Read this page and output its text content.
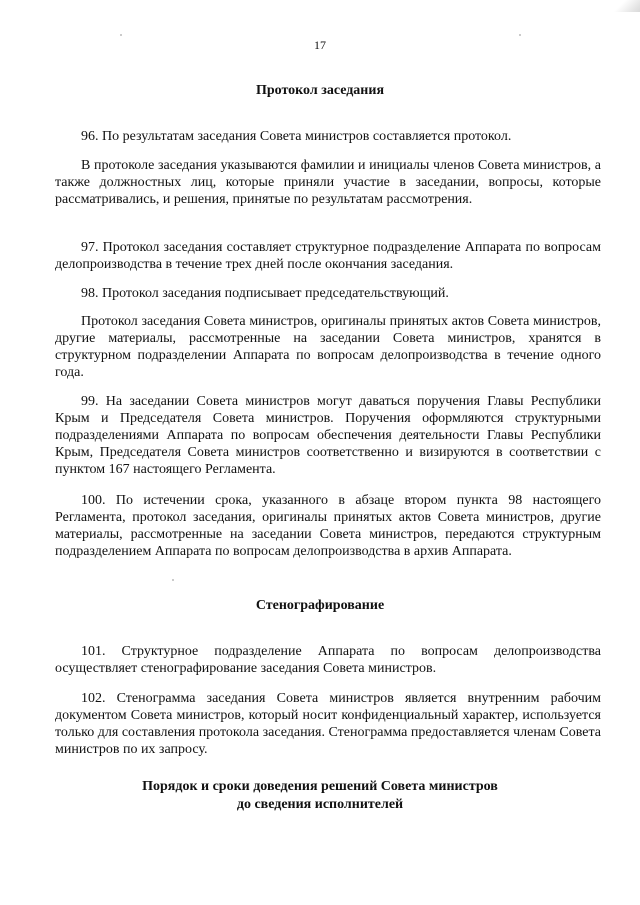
17
Протокол заседания

96. По результатам заседания Совета министров составляется протокол.

В протоколе заседания указываются фамилии и инициалы членов Совета министров, а также должностных лиц, которые приняли участие в заседании, вопросы, которые рассматривались, и решения, принятые по результатам рассмотрения.

97. Протокол заседания составляет структурное подразделение Аппарата по вопросам делопроизводства в течение трех дней после окончания заседания.

98. Протокол заседания подписывает председательствующий.

Протокол заседания Совета министров, оригиналы принятых актов Совета министров, другие материалы, рассмотренные на заседании Совета министров, хранятся в структурном подразделении Аппарата по вопросам делопроизводства в течение одного года.

99. На заседании Совета министров могут даваться поручения Главы Республики Крым и Председателя Совета министров. Поручения оформляются структурными подразделениями Аппарата по вопросам обеспечения деятельности Главы Республики Крым, Председателя Совета министров соответственно и визируются в соответствии с пунктом 167 настоящего Регламента.

100. По истечении срока, указанного в абзаце втором пункта 98 настоящего Регламента, протокол заседания, оригиналы принятых актов Совета министров, другие материалы, рассмотренные на заседании Совета министров, передаются структурным подразделением Аппарата по вопросам делопроизводства в архив Аппарата.

Стенографирование

101. Структурное подразделение Аппарата по вопросам делопроизводства осуществляет стенографирование заседания Совета министров.

102. Стенограмма заседания Совета министров является внутренним рабочим документом Совета министров, который носит конфиденциальный характер, используется только для составления протокола заседания. Стенограмма предоставляется членам Совета министров по их запросу.

Порядок и сроки доведения решений Совета министров
до сведения исполнителей
